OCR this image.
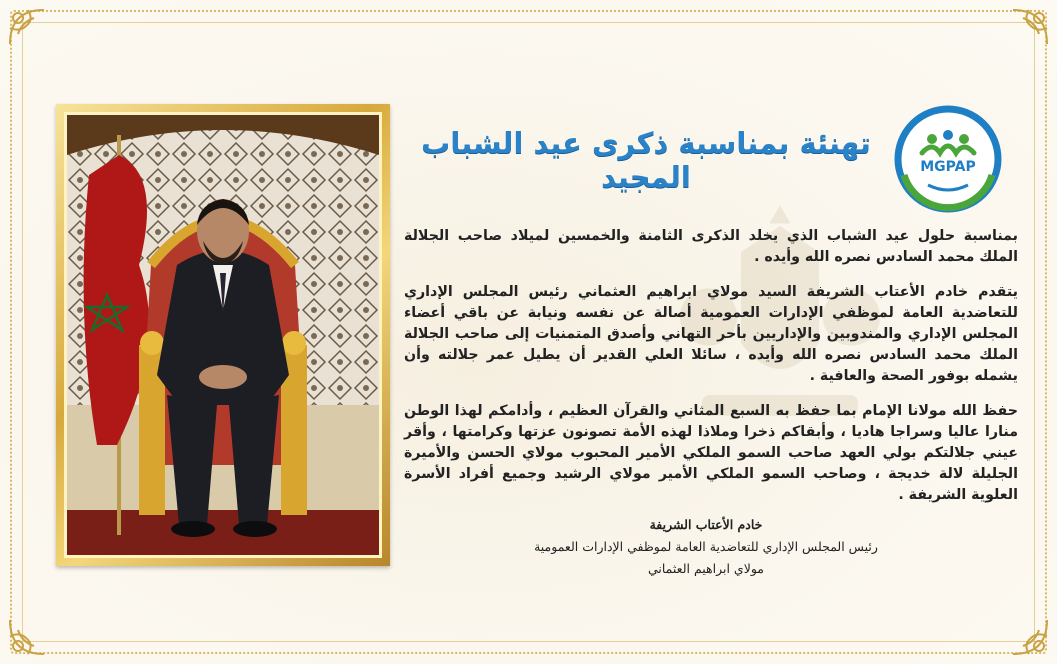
MGPAP
تهنئة بمناسبة ذكرى عيد الشباب المجيد

بمناسبة حلول عيد الشباب الذي يخلد الذكرى الثامنة والخمسين لميلاد صاحب الجلالة الملك محمد السادس نصره الله وأيده .

يتقدم خادم الأعتاب الشريفة السيد مولاي ابراهيم العثماني رئيس المجلس الإداري للتعاضدية العامة لموظفي الإدارات العمومية أصالة عن نفسه ونيابة عن باقي أعضاء المجلس الإداري والمندوبين والإداريين بأحر التهاني وأصدق المتمنيات إلى صاحب الجلالة الملك محمد السادس نصره الله وأيده ، سائلا العلي القدير أن يطيل عمر جلالته وأن يشمله بوفور الصحة والعافية .

حفظ الله مولانا الإمام بما حفظ به السبع المثاني والقرآن العظيم ، وأدامكم لهذا الوطن منارا عاليا وسراجا هاديا ، وأبقاكم ذخرا وملاذا لهذه الأمة تصونون عزتها وكرامتها ، وأقر عيني جلالتكم بولي العهد صاحب السمو الملكي الأمير المحبوب مولاي الحسن والأميرة الجليلة لالة خديجة ، وصاحب السمو الملكي الأمير مولاي الرشيد وجميع أفراد الأسرة العلوية الشريفة .

خادم الأعتاب الشريفة
رئيس المجلس الإداري للتعاضدية العامة لموظفي الإدارات العمومية
مولاي ابراهيم العثماني
